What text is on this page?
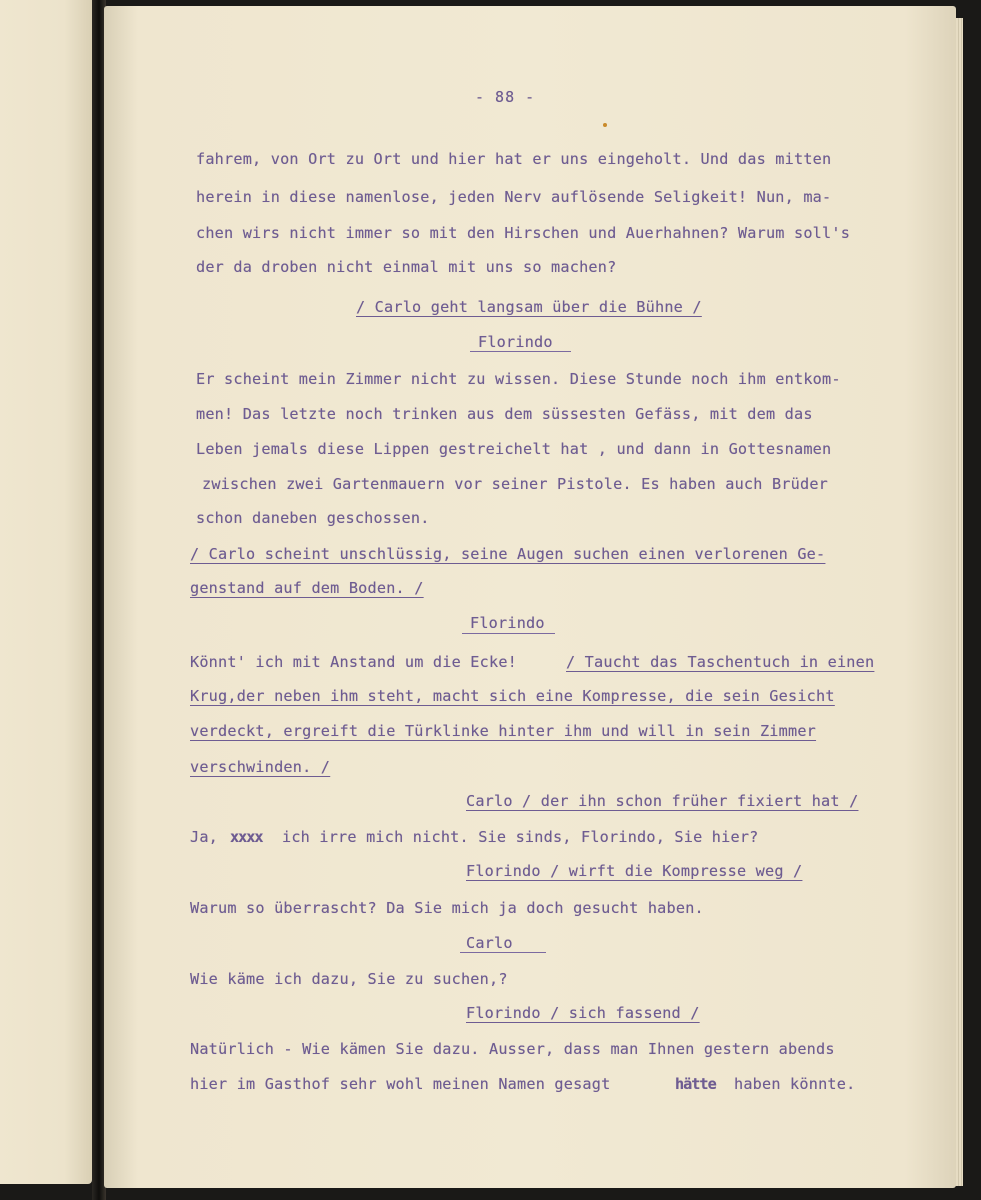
- 88 -
fahrem, von Ort zu Ort und hier hat er uns eingeholt. Und das mitten
herein in diese namenlose, jeden Nerv auflösende Seligkeit! Nun, ma-
chen wirs nicht immer so mit den Hirschen und Auerhahnen? Warum soll's
der da droben nicht einmal mit uns so machen?
/ Carlo geht langsam über die Bühne /
Florindo
Er scheint mein Zimmer nicht zu wissen. Diese Stunde noch ihm entkom-
men! Das letzte noch trinken aus dem süssesten Gefäss, mit dem das
Leben jemals diese Lippen gestreichelt hat , und dann in Gottesnamen
zwischen zwei Gartenmauern vor seiner Pistole. Es haben auch Brüder
schon daneben geschossen.
/ Carlo scheint unschlüssig, seine Augen suchen einen verlorenen Ge-
genstand auf dem Boden. /
Florindo
Könnt' ich mit Anstand um die Ecke!	/ Taucht das Taschentuch in einen
Krug,der neben ihm steht, macht sich eine Kompresse, die sein Gesicht
verdeckt, ergreift die Türklinke hinter ihm und will in sein Zimmer
verschwinden. /
Carlo / der ihn schon früher fixiert hat /
Ja, xxxx ich irre mich nicht. Sie sinds, Florindo, Sie hier?
Florindo / wirft die Kompresse weg /
Warum so überrascht? Da Sie mich ja doch gesucht haben.
Carlo
Wie käme ich dazu, Sie zu suchen,?
Florindo / sich fassend /
Natürlich - Wie kämen Sie dazu. Ausser, dass man Ihnen gestern abends
hier im Gasthof sehr wohl meinen Namen gesagt	hätte haben könnte.
